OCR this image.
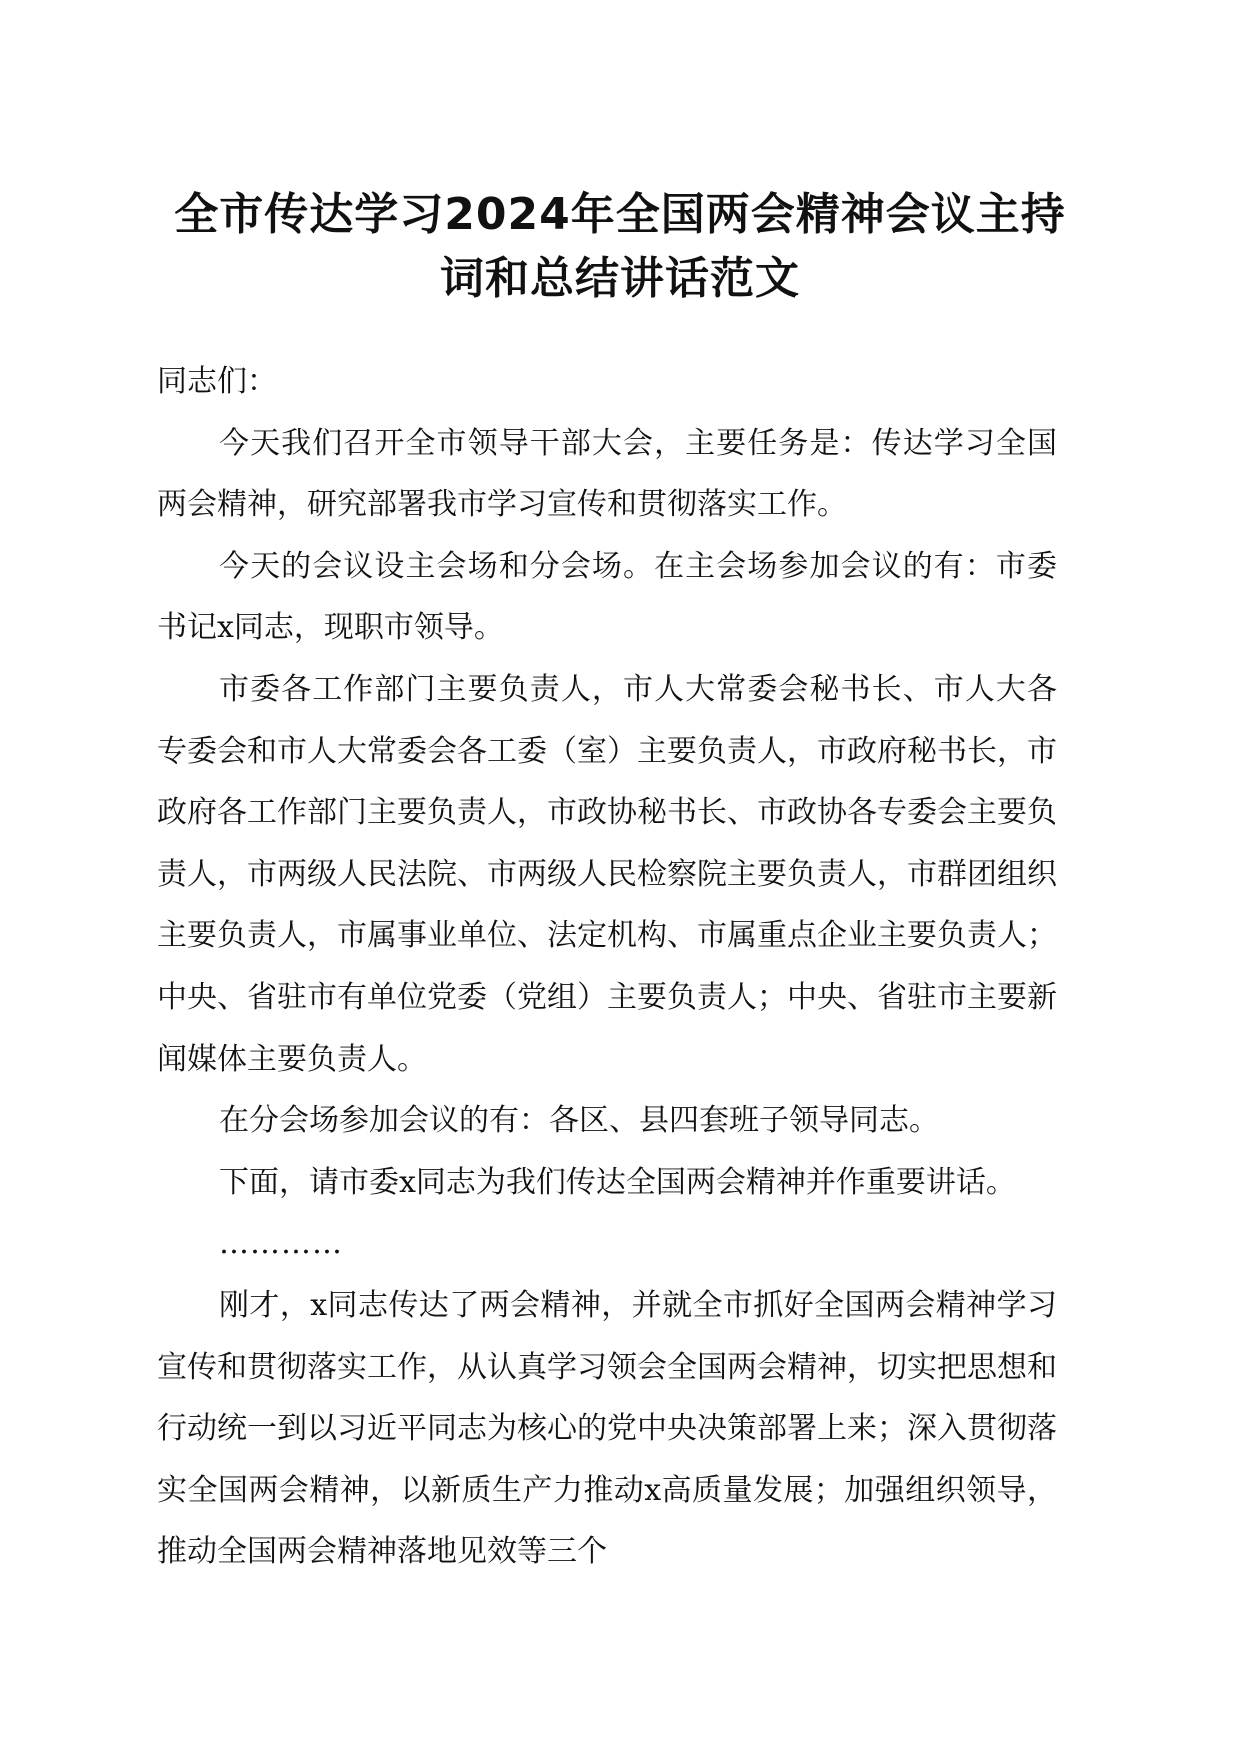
全市传达学习2024年全国两会精神会议主持
词和总结讲话范文

同志们：

今天我们召开全市领导干部大会，主要任务是：传达学习全国两会精神，研究部署我市学习宣传和贯彻落实工作。

今天的会议设主会场和分会场。在主会场参加会议的有：市委书记x同志，现职市领导。

市委各工作部门主要负责人，市人大常委会秘书长、市人大各专委会和市人大常委会各工委（室）主要负责人，市政府秘书长，市政府各工作部门主要负责人，市政协秘书长、市政协各专委会主要负责人，市两级人民法院、市两级人民检察院主要负责人，市群团组织主要负责人，市属事业单位、法定机构、市属重点企业主要负责人；中央、省驻市有单位党委（党组）主要负责人；中央、省驻市主要新闻媒体主要负责人。

在分会场参加会议的有：各区、县四套班子领导同志。

下面，请市委x同志为我们传达全国两会精神并作重要讲话。

…………

刚才，x同志传达了两会精神，并就全市抓好全国两会精神学习宣传和贯彻落实工作，从认真学习领会全国两会精神，切实把思想和行动统一到以习近平同志为核心的党中央决策部署上来；深入贯彻落实全国两会精神，以新质生产力推动x高质量发展；加强组织领导，推动全国两会精神落地见效等三个
